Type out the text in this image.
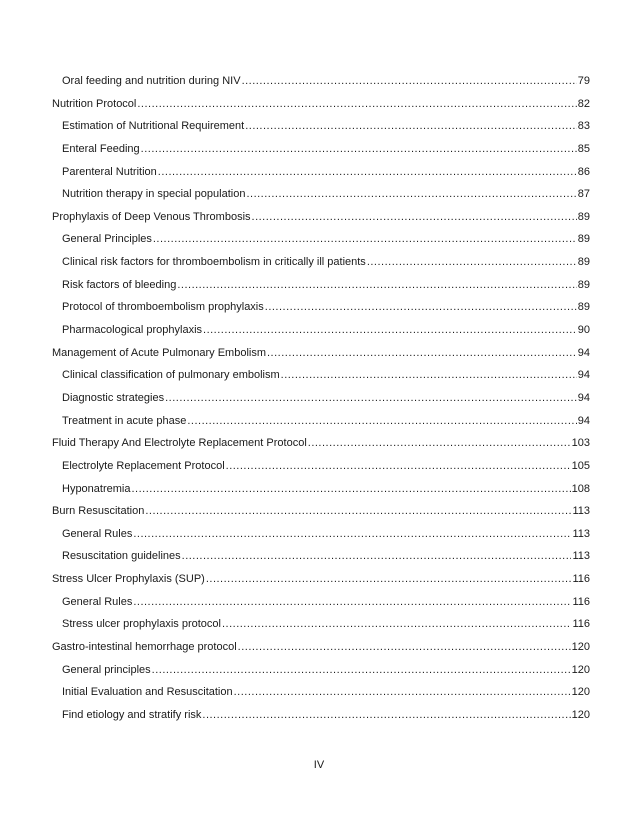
Oral feeding and nutrition during NIV .....	79
Nutrition Protocol .....	82
Estimation of Nutritional Requirement .....	83
Enteral Feeding .....	85
Parenteral Nutrition .....	86
Nutrition therapy in special population .....	87
Prophylaxis of Deep Venous Thrombosis .....	89
General Principles .....	89
Clinical risk factors for thromboembolism in critically ill patients .....	89
Risk factors of bleeding .....	89
Protocol of thromboembolism prophylaxis .....	89
Pharmacological prophylaxis .....	90
Management of Acute Pulmonary Embolism .....	94
Clinical classification of pulmonary embolism .....	94
Diagnostic strategies .....	94
Treatment in acute phase .....	94
Fluid Therapy And Electrolyte Replacement Protocol .....	103
Electrolyte Replacement Protocol .....	105
Hyponatremia .....	108
Burn Resuscitation .....	113
General Rules .....	113
Resuscitation guidelines .....	113
Stress Ulcer Prophylaxis (SUP) .....	116
General Rules .....	116
Stress ulcer prophylaxis protocol .....	116
Gastro-intestinal hemorrhage protocol .....	120
General principles .....	120
Initial Evaluation and Resuscitation .....	120
Find etiology and stratify risk .....	120
IV
